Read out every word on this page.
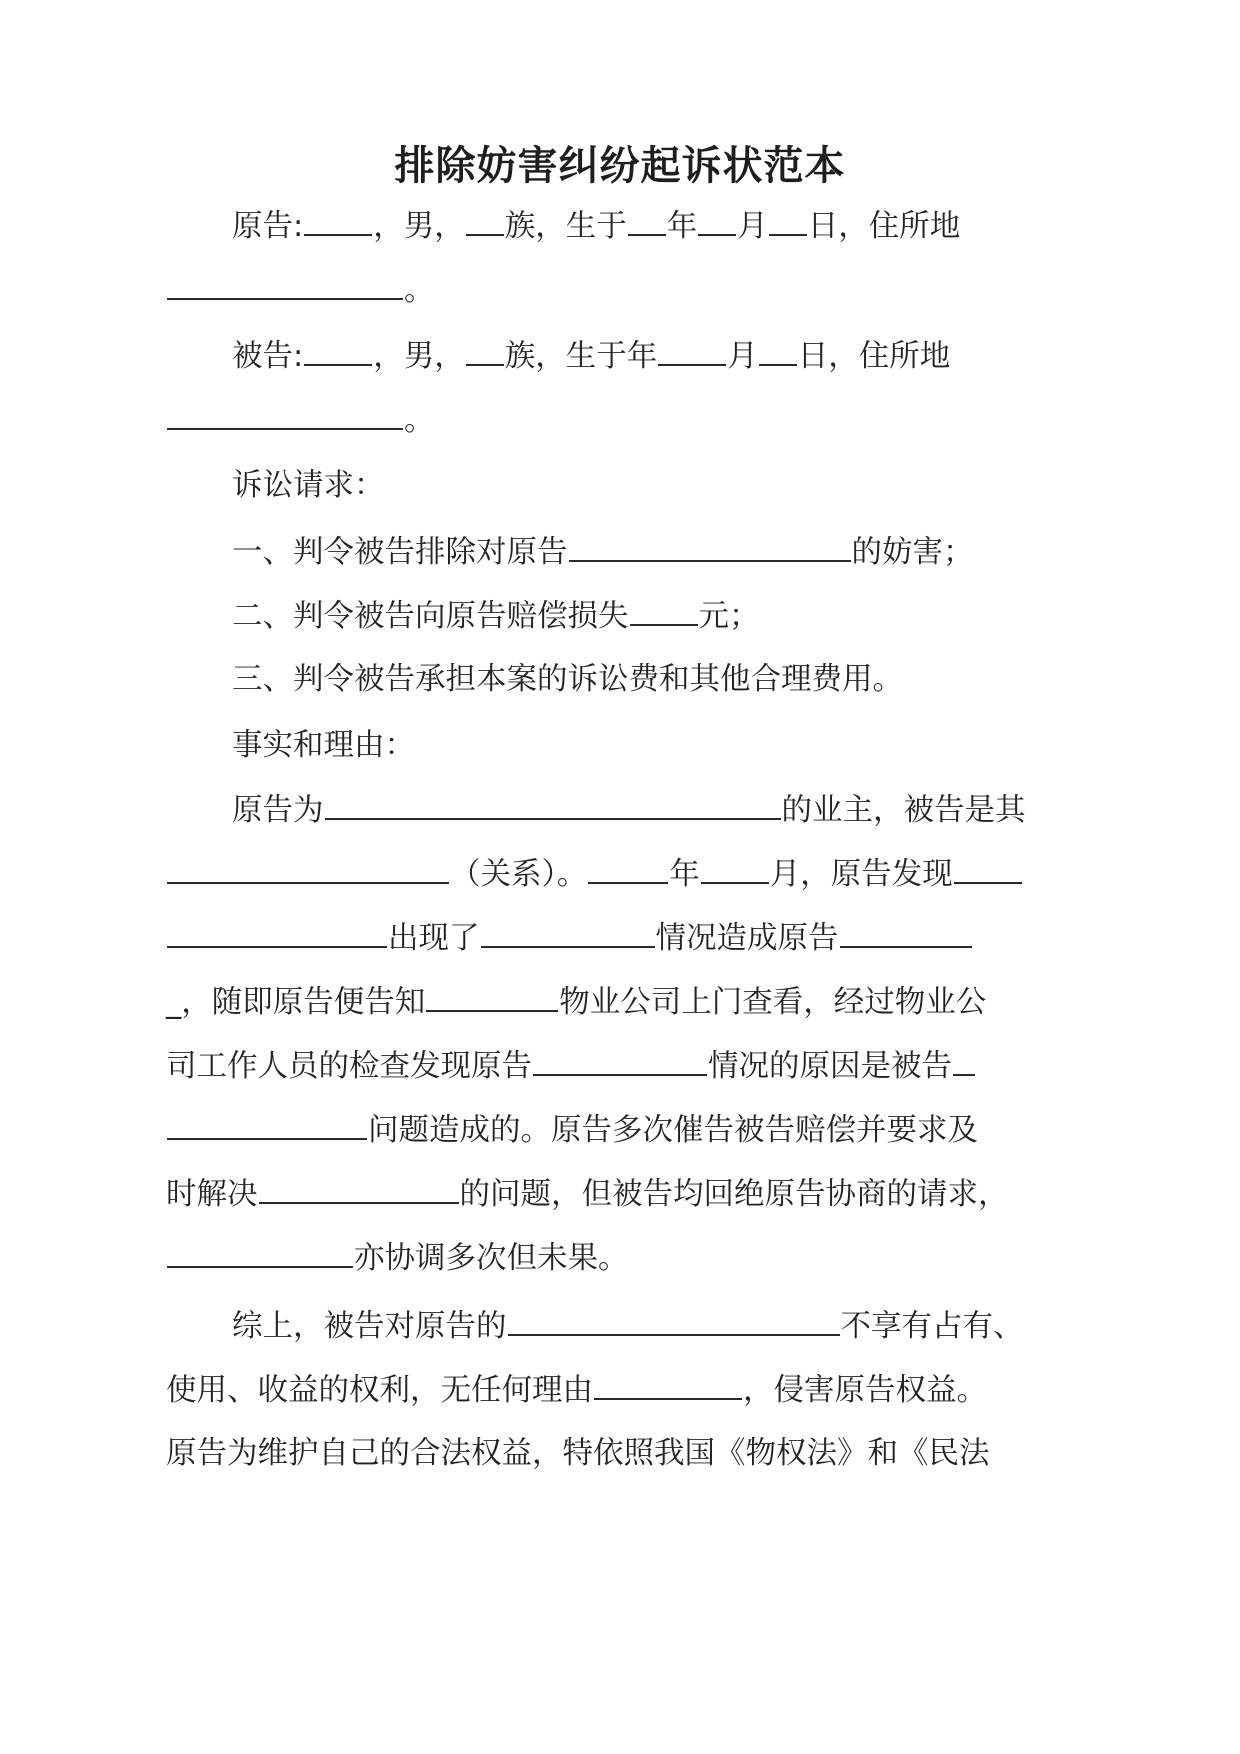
排除妨害纠纷起诉状范本
原告: ，男， 族，生于 年 月 日，住所地
。
被告: ，男， 族，生于年 月 日，住所地
。
诉讼请求：
一、判令被告排除对原告	的妨害；
二、判令被告向原告赔偿损失 元；
三、判令被告承担本案的诉讼费和其他合理费用。
事实和理由：
原告为	的业主，被告是其
（关系）。	年 月，原告发现
出现了	情况造成原告
_，随即原告便告知	物业公司上门查看，经过物业公
司工作人员的检查发现原告	情况的原因是被告
问题造成的。原告多次催告被告赔偿并要求及
时解决	的问题，但被告均回绝原告协商的请求，
亦协调多次但未果。
综上，被告对原告的	不享有占有、
使用、收益的权利，无任何理由	，侵害原告权益。
原告为维护自己的合法权益，特依照我国《物权法》和《民法
